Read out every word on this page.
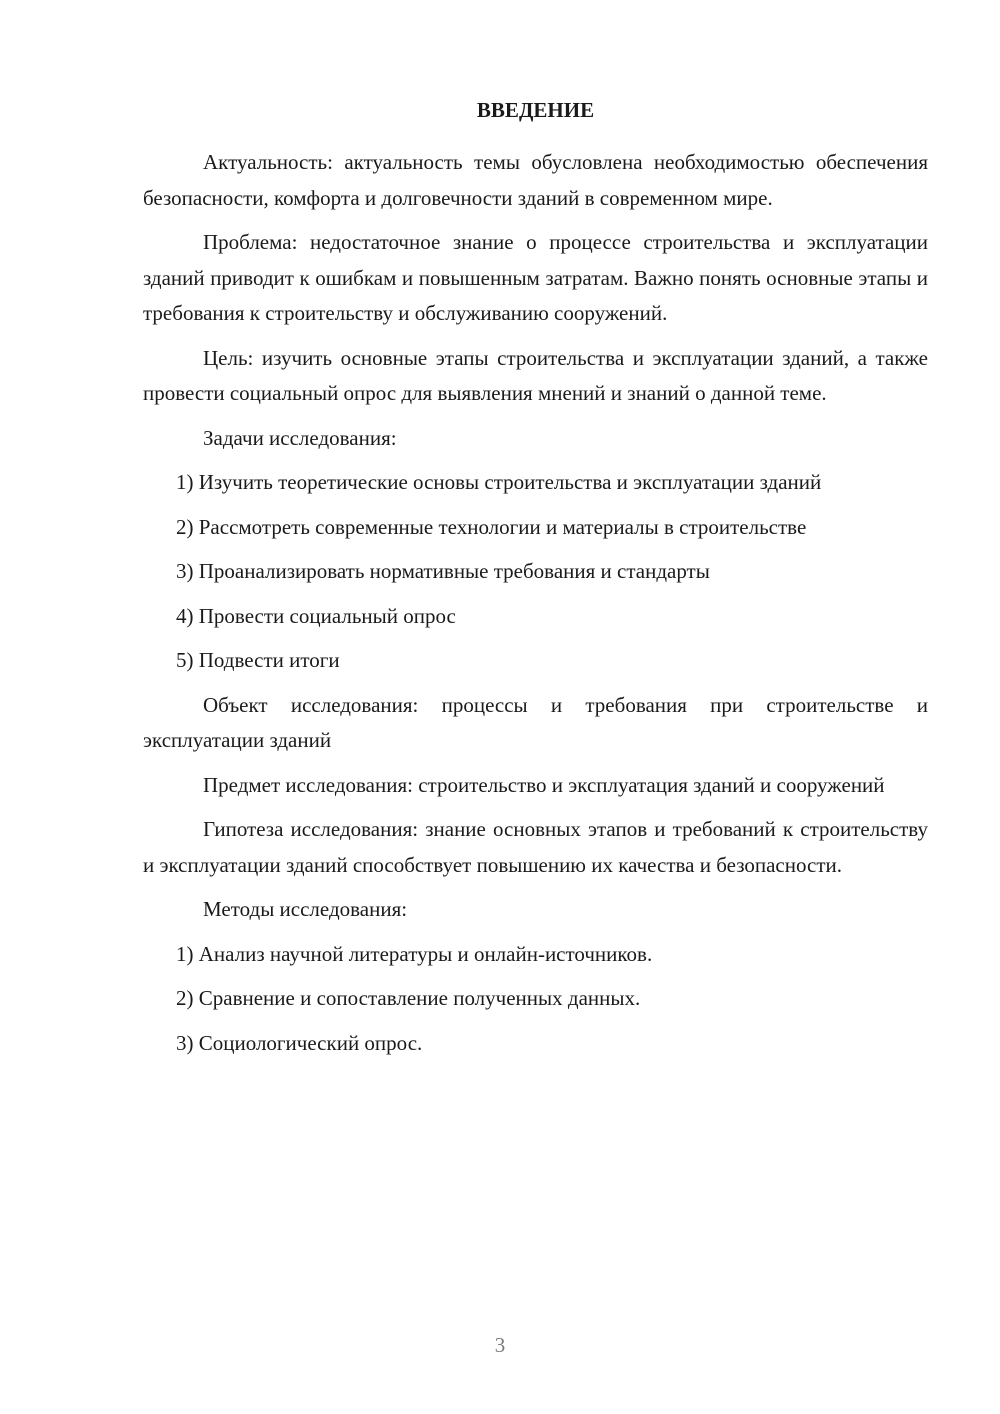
ВВЕДЕНИЕ

Актуальность: актуальность темы обусловлена необходимостью обеспечения безопасности, комфорта и долговечности зданий в современном мире.

Проблема: недостаточное знание о процессе строительства и эксплуатации зданий приводит к ошибкам и повышенным затратам. Важно понять основные этапы и требования к строительству и обслуживанию сооружений.

Цель: изучить основные этапы строительства и эксплуатации зданий, а также провести социальный опрос для выявления мнений и знаний о данной теме.

Задачи исследования:

1) Изучить теоретические основы строительства и эксплуатации зданий

2) Рассмотреть современные технологии и материалы в строительстве

3) Проанализировать нормативные требования и стандарты

4) Провести социальный опрос

5) Подвести итоги

Объект исследования: процессы и требования при строительстве и эксплуатации зданий

Предмет исследования: строительство и эксплуатация зданий и сооружений

Гипотеза исследования: знание основных этапов и требований к строительству и эксплуатации зданий способствует повышению их качества и безопасности.

Методы исследования:

1) Анализ научной литературы и онлайн-источников.

2) Сравнение и сопоставление полученных данных.

3) Социологический опрос.

3
